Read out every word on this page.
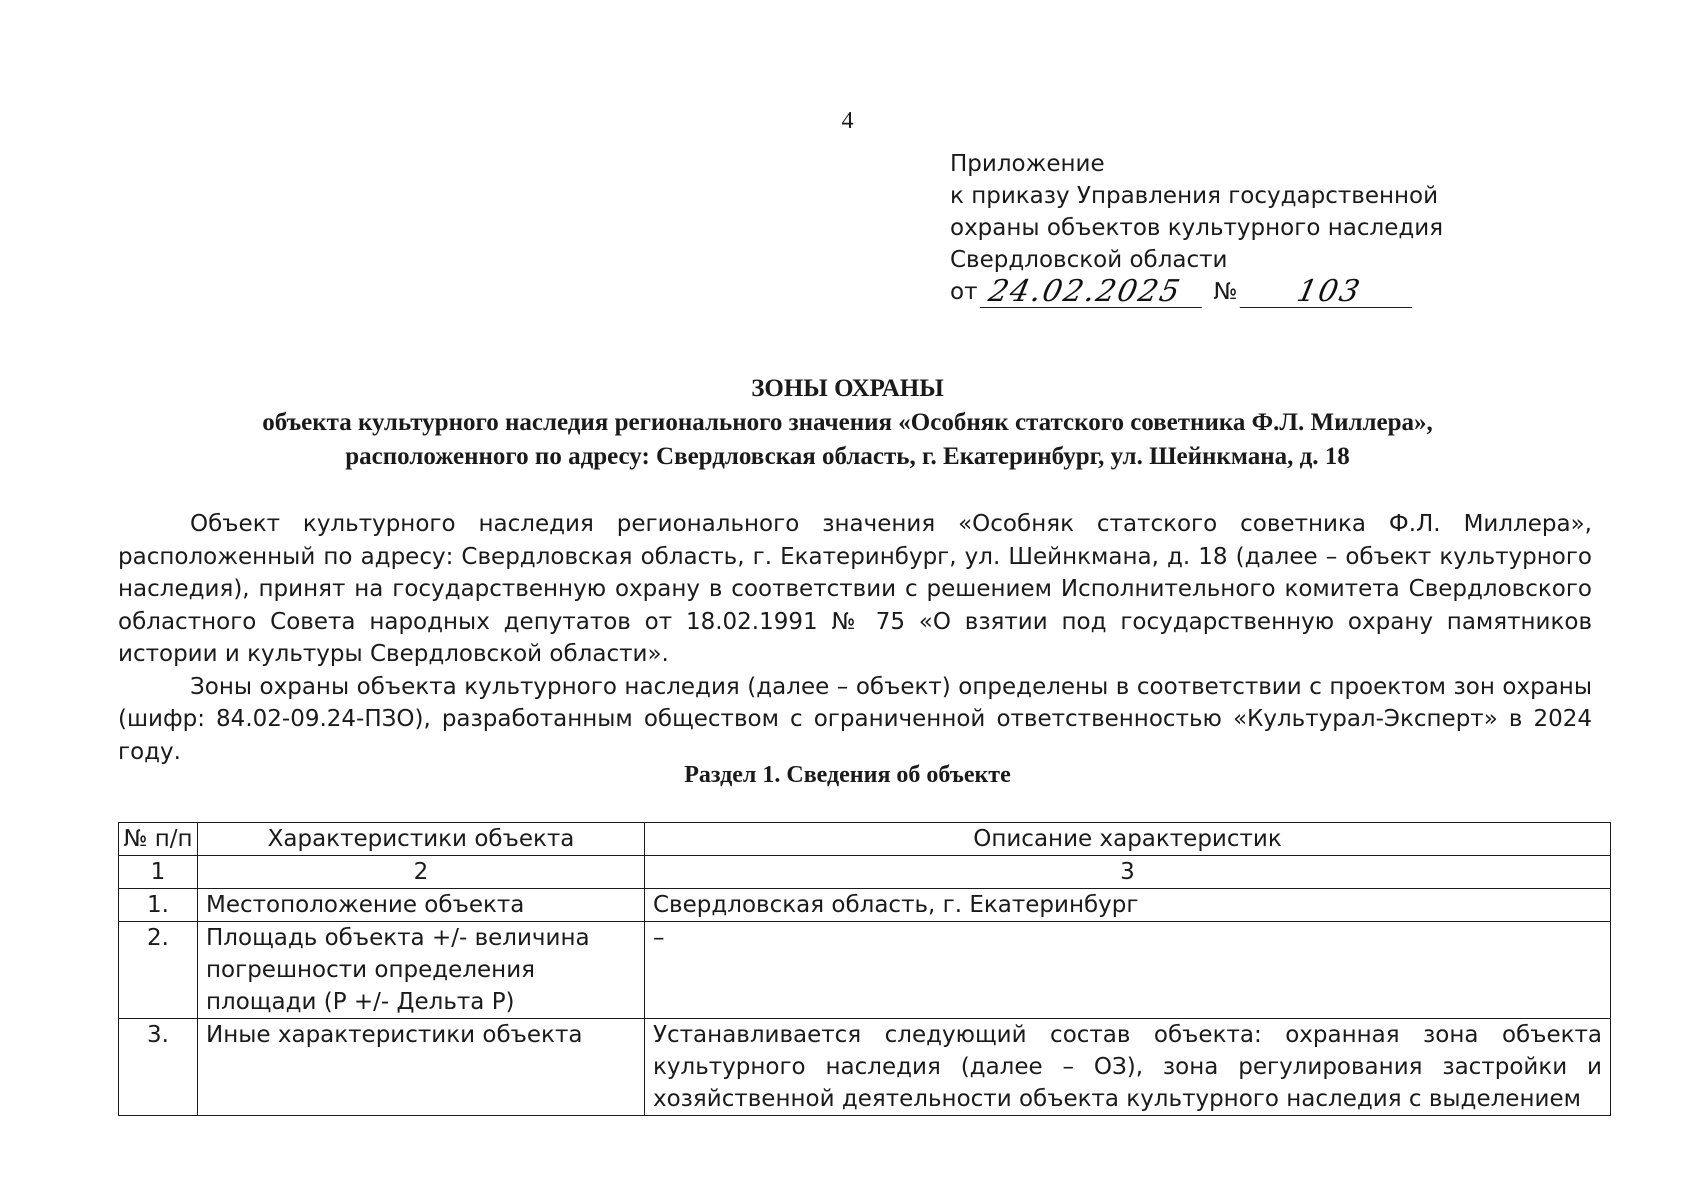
4
Приложение
к приказу Управления государственной
охраны объектов культурного наследия
Свердловской области
от 24.02.2025	№	103
ЗОНЫ ОХРАНЫ
объекта культурного наследия регионального значения «Особняк статского советника Ф.Л. Миллера»,
расположенного по адресу: Свердловская область, г. Екатеринбург, ул. Шейнкмана, д. 18

Объект культурного наследия регионального значения «Особняк статского советника Ф.Л. Миллера», расположенный по адресу: Свердловская область, г. Екатеринбург, ул. Шейнкмана, д. 18 (далее – объект культурного наследия), принят на государственную охрану в соответствии с решением Исполнительного комитета Свердловского областного Совета народных депутатов от 18.02.1991 № 75 «О взятии под государственную охрану памятников истории и культуры Свердловской области».

Зоны охраны объекта культурного наследия (далее – объект) определены в соответствии с проектом зон охраны (шифр: 84.02-09.24-ПЗО), разработанным обществом с ограниченной ответственностью «Культурал-Эксперт» в 2024 году.

Раздел 1. Сведения об объекте
№ п/п	Характеристики объекта	Описание характеристик
1	2	3
1.	Местоположение объекта	Свердловская область, г. Екатеринбург
2.	Площадь объекта +/- величина погрешности определения площади (P +/- Дельта P)	–
3.	Иные характеристики объекта	Устанавливается следующий состав объекта: охранная зона объекта культурного наследия (далее – ОЗ), зона регулирования застройки и хозяйственной деятельности объекта культурного наследия с выделением
